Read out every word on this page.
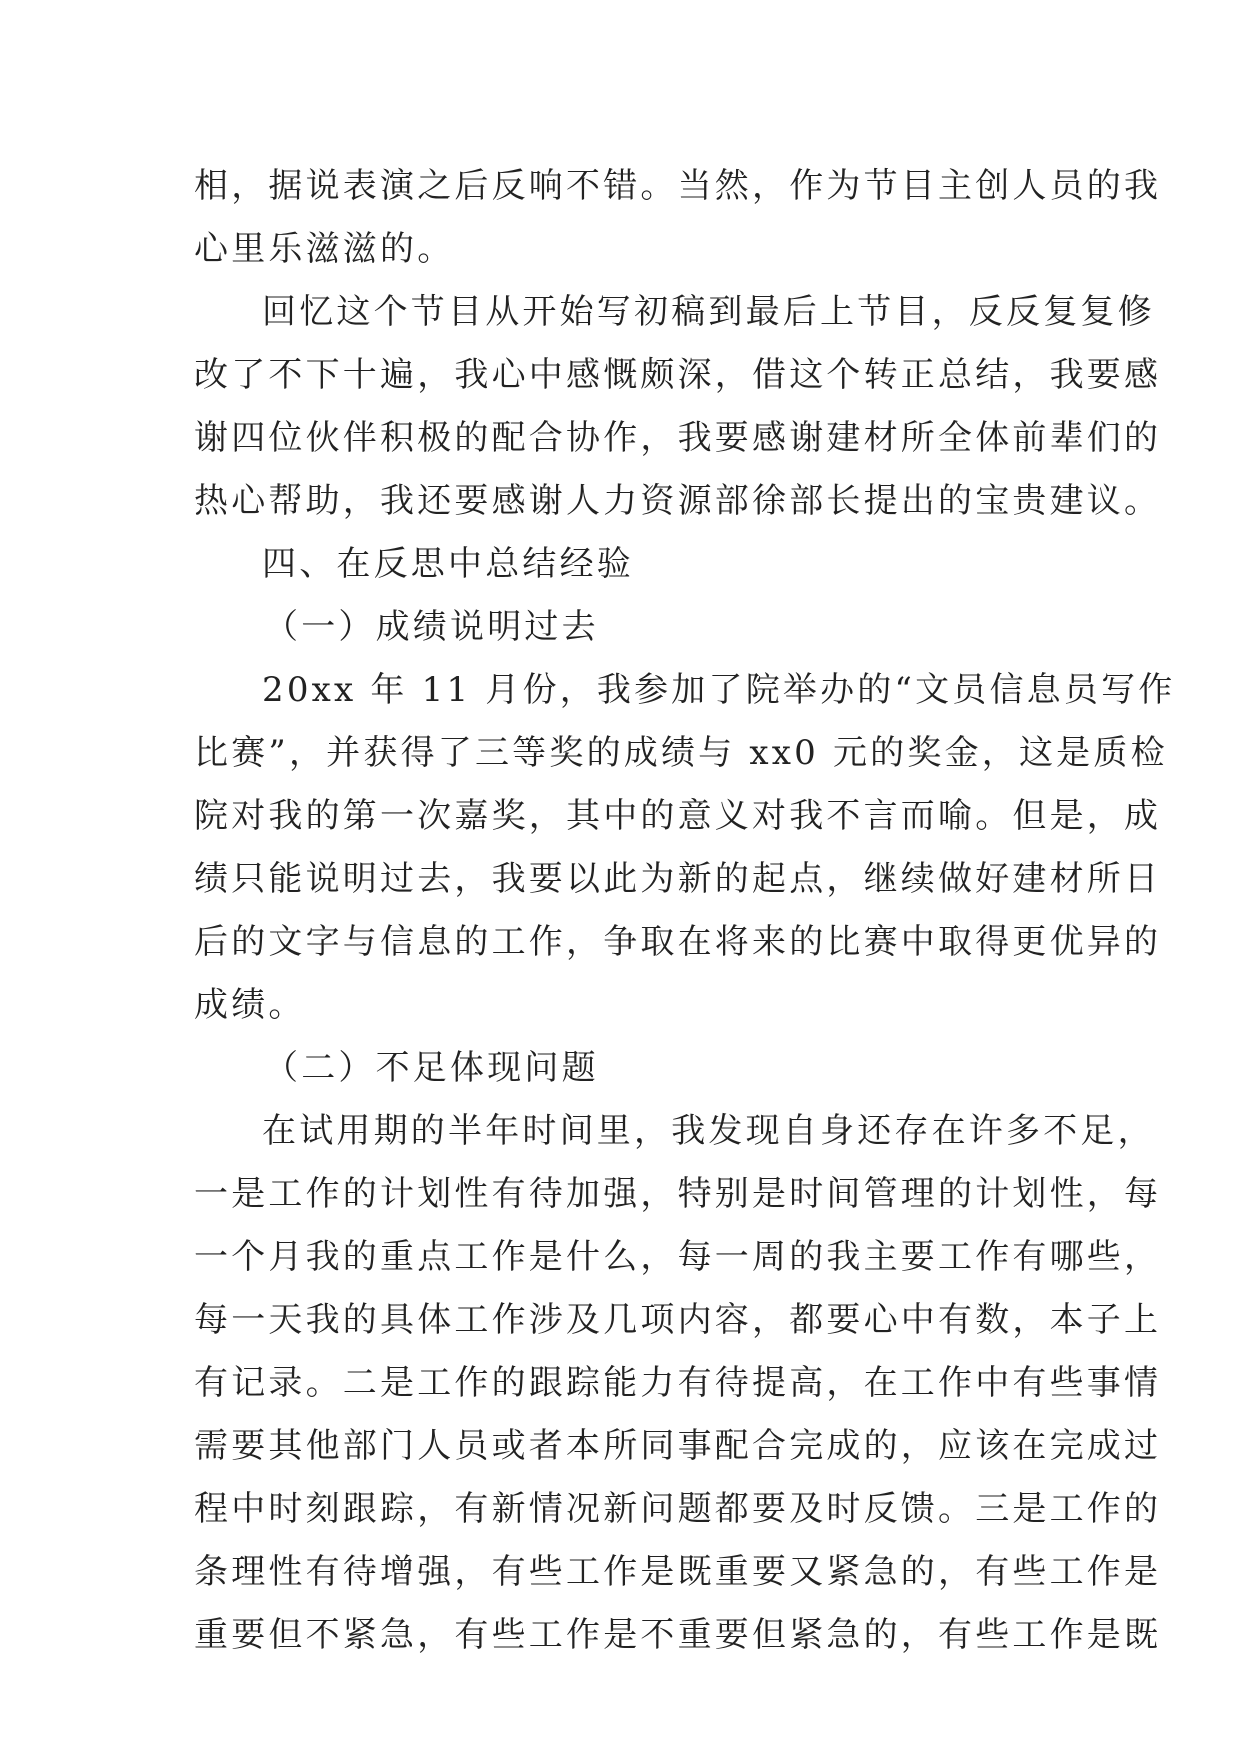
相，据说表演之后反响不错。当然，作为节目主创人员的我
心里乐滋滋的。
回忆这个节目从开始写初稿到最后上节目，反反复复修
改了不下十遍，我心中感慨颇深，借这个转正总结，我要感
谢四位伙伴积极的配合协作，我要感谢建材所全体前辈们的
热心帮助，我还要感谢人力资源部徐部长提出的宝贵建议。
四、在反思中总结经验
（一）成绩说明过去
20xx 年 11 月份，我参加了院举办的“文员信息员写作
比赛”，并获得了三等奖的成绩与 xx0 元的奖金，这是质检
院对我的第一次嘉奖，其中的意义对我不言而喻。但是，成
绩只能说明过去，我要以此为新的起点，继续做好建材所日
后的文字与信息的工作，争取在将来的比赛中取得更优异的
成绩。
（二）不足体现问题
在试用期的半年时间里，我发现自身还存在许多不足，
一是工作的计划性有待加强，特别是时间管理的计划性，每
一个月我的重点工作是什么，每一周的我主要工作有哪些，
每一天我的具体工作涉及几项内容，都要心中有数，本子上
有记录。二是工作的跟踪能力有待提高，在工作中有些事情
需要其他部门人员或者本所同事配合完成的，应该在完成过
程中时刻跟踪，有新情况新问题都要及时反馈。三是工作的
条理性有待增强，有些工作是既重要又紧急的，有些工作是
重要但不紧急，有些工作是不重要但紧急的，有些工作是既
